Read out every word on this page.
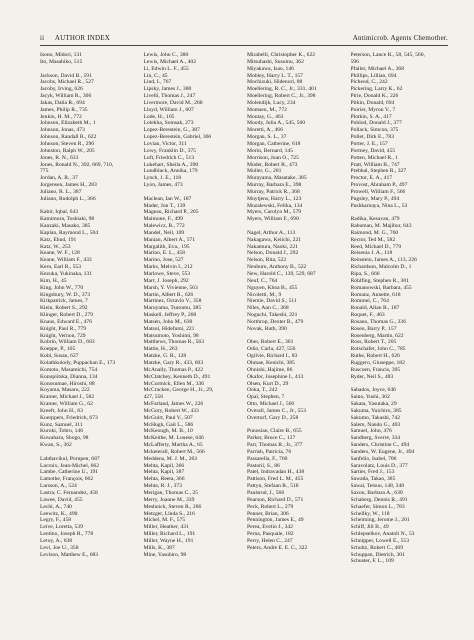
ii AUTHOR INDEX	Antimicrob. Agents Chemother.
Isono, Midori, 131
Ito, Masahiko, 515
Jackson, David B., 591
Jacobs, Michael R., 527
Jacoby, Irving, 626
Jacyk, William R., 306
Jakas, Dalia R., 694
James, Philip R., 735
Jenkin, H. M., 772
Johnson, Elizabeth M., 1
Johnson, Jonas, 473
Johnson, Randall R., 622
Johnson, Steven R., 296
Johnston, Ralph W., 205
Jones, R. N., 633
Jones, Ronald N., 392, 669, 710,
775
Jordan, A. R., 37
Jorgensen, James H., 283
Juliano, R. L., 387
Juliano, Rudolph L., 366
Kabir, Iqbal, 643
Kamimura, Toshiaki, 98
Kanzaki, Masako, 385
Kaplan, Raymond L., 504
Katz, Ehud, 191
Katz, W., 253
Keane, W. F., 128
Keane, William F., 433
Kern, Earl R., 553
Kezuka, Yukinaka, 131
Kim, H., 45
King, John W., 770
Kingsbury, W. D., 373
Kirkpatrick, James, 7
Klein, Robert S., 292
Klinger, Robert D., 279
Knaus, Edward E., 476
Knight, Paul R., 779
Knight, Vernon, 729
Kobrin, William D., 683
Koeppe, P., 105
Kohl, Susan, 627
Kolathkulody, Puppachan E., 173
Komoto, Masamichi, 754
Konopiitska, Dianna, 134
Konosumae, Hiroshi, 88
Koyama, Masaru, 222
Kramer, Michael J., 582
Kramer, William G., 62
Kreeft, John H., 83
Koerppers, Friedrich, 673
Kunz, Samuel, 311
Kuroki, Tohru, 146
Kuwahara, Shogo, 98
Kwan, S., 362
Labthavikul, Pornpen, 687
Lacroix, Jean-Michel, 662
Lambe, Catherine U., 191
Lamothe, François, 662
Larsson, A., 524
Lastra, C. Fernandez, 458
Lawee, David, 455
Lechi, A., 740
Leewitz, K., 490
Legry, F., 458
Leive, Loretta, 539
Lentino, Joseph R., 778
Leroy, A., 638
Levi, Joe U., 358
Levison, Matthew E., 683
Lewis, John C., 380
Lewis, Michael A., 402
Li, Edwin L. F., 455
Lin, C., 45
Lind, I., 767
Lipsky, James J., 380
Livelli, Thomas J., 247
Livermore, David M., 268
Lloyd, William J., 607
Lode, H., 105
Lolekha, Somsak, 273
Lopez-Berestein, G., 387
Lopez-Berestein, Gabriel, 366
Lovian, Victor, 311
Lowy, Franklin D., 375
Luft, Friedrich C., 513
Lukehart, Sheila A., 390
Lundblack, Annika, 179
Lynch, J. E., 118
Lyon, James, 473
Maclean, Ian W., 187
Mader, Jon T., 139
Mageau, Richard P., 205
Maimone, F., 499
Malewicz, B., 772
Mandel, Neil, 109
Manian, Albert A., 571
Margalith, Eva., 195
Marino, E. L., 458
Marino, Jose, 527
Marks, Melvin I., 212
Marlowe, Steve, 553
Marr, J. Joseph, 292
Marsh, Y. Vivienne, 563
Martin, Albert R., 626
Martinez, Octavio V., 358
Maruyama, Tsutomu, 385
Maskell, Jeffrey P., 268
Matsen, John M., 630
Matsui, Hidefumi, 221
Matsumoto, Yoshimi, 98
Matthews, Thomas R., 563
Mattie, H., 263
Matzke, G. R., 128
Matzke, Gary R., 433, 603
McAnally, Thomas P., 422
McClatchey, Kenneth D., 491
McCormick, Ellen M., 336
McCracken, George H., Jr., 29,
427, 556
McFarland, James W., 226
McGory, Robert W., 433
McGuirt, Paul V., 507
McHugh, Gail L., 586
McKeough, M. B., 10
McKeithe, M. Louese, 646
McLafferty, Martha A., 65
Mcketerall, Robert M., 566
Meddens, M. J. M., 263
Mehta, Kapil, 366
Mehta, Kapil, 387
Mehta, Reeta, 366
Mehta, R. J., 373
Merigan, Thomas C., 25
Merry, Joanne M., 339
Meshnick, Steven R., 286
Metzger, Linda S., 216
Michel, M. F., 575
Miller, Heather, 431
Miller, Richard L., 191
Miller, Wayne H., 191
Mills, K., 387
Mine, Yasuhiro, 98
Mirabelli, Christopher K., 622
Mitsuhashi, Susumu, 362
Miyakawa, Isao, 146
Mobley, Harry L. T., 157
Mochizuki, Hidenori, 88
Moellering, R. C., Jr., 331, 401
Moellering, Robert C., Jr., 398
Molendijk, Lucy, 234
Momsen, M., 772
Montay, G., 463
Moody, Julia A., 545, 560
Moretti, A., 466
Morgan, S. L., 37
Morgan, Catherine, 618
Morin, Bernard, 145
Morrison, Joan O., 725
Muder, Robert R., 473
Muller, G., 281
Murayama, Masatake, 385
Murray, Barbara E., 398
Murray, Patrick R., 368
Muytjens, Harry L., 123
Muzalewski, Felika, 134
Myers, Carolyn M., 579
Myers, William F., 690
Nagel, Arthur A., 113
Nakagawa, Keiichi, 221
Nakamura, Naoki, 221
Nelson, Donald J., 292
Nelson, Rita, 522
Neuburn, Anthony B., 522
New, Harold C., 139, 529, 687
Neuf, C., 764
Nguyen, Khoa B., 455
Nicoletti, M., 9
Niemie, David S., 511
Niles, Ann C., 368
Noguchi, Takeshi, 221
Northrop, Dexter B., 479
Novak, Ruth, 390
Ober, Robert E., 301
Odio, Carla, 427, 556
Ogilvie, Richard I., 83
Ohmae, Kenichi, 385
Ohnishi, Hajime, 86
Okafor, Josephine I., 413
Olsen, Kurt D., 29
Ooka, T., 242
Opal, Stephen, 7
Otto, Michael J., 566
Overall, James C., Jr., 553
Overturf, Gary D., 258
Punosian, Claire B., 655
Parker, Bruce C., 137
Parr, Thomas R., Jr., 377
Parrish, Patricia, 76
Passarella, F., 760
Pastorii, S., 86
Patel, Indravadan H., 438
Pattison, Fred L. M., 455
Pattyn, Stefaan R., 518
Paulsrud, J., 566
Pearson, Richard D., 571
Peck, Robert L., 279
Penner, Brian, 306
Pennington, James E., 49
Perea, Evelio J., 342
Perna, Pasquale, 182
Perry, Helen C., 247
Peters, Andre E. E. C., 322
Peterson, Lance R., 58, 545, 560,
596
Pfaller, Michael A., 368
Phillips, Lillian, 694
Picheod, C., 242
Pickering, Larry K., 62
Pirie, Donald K., 226
Pitkin, Donald, 694
Poirier, Myron V., 7
Plotkin, S. A., 417
Pohlod, Donald J., 377
Pollack, Simcon, 375
Pollet, Dirk E., 783
Porter, J. E., 157
Portney, David, 455
Potten, Michael R., 1
Pratt, William B., 747
Prebhal, Stephen R., 327
Proctor, E. A., 417
Provost, Abraham P., 497
Prowell, William F., 566
Pugsley, Mary P., 494
Pushkarnaya, Nina L., 53
Radika, Kesavan, 479
Rahuman, M. Majibur, 643
Raimond, M. G., 760
Rector, Ted M., 582
Reed, Michael D., 779
Reisenia J. A., 118
Reinstein, James A., 113, 226
Richardson, Malcolm D., 1
Ripa, S., 666
Rohlfing, Stephen R., 301
Romanowski, Barbara, 455
Romanz, Annette, 618
Rommel, C., 764
Ronald, Allan R., 187
Roquet, F., 463
Rosano, Thomas G., 336
Rosen, Barry P., 157
Rosenberg, Martin, 622
Ross, Robert T., 205
Rotschafer, John C., 785
Ruthe, Robert H., 626
Ruggero, Giuseppe, 182
Ruscoen, Francis, 395
Ryder, Neil S., 483
Sabados, Joyce, 646
Saino, Yushi, 362
Sakata, Yasutaka, 29
Sakuma, Yuichiro, 385
Sakumo, Takashi, 742
Salem, Nando G., 403
Samuel, John, 476
Sandberg, Sverre, 334
Sanders, Christine C., 494
Sanders, W. Eugene, Jr., 494
Sanfelio, Isabel, 706
Saravolatz, Louis D., 377
Sartier, Fred J., 153
Sawada, Takao, 385
Sawai, Tetsuo, 148, 348
Saxon, Barbara A., 630
Schaberg, Dennis R., 491
Schaefer, Simon L., 783
Schellky, W., 118
Scheiming, Jerome J., 201
Schiff, Jill B., 49
Schlepselkov, Anatoli N., 53
Schnipper, Lowell E., 553
Schultz, Robert C., 469
Schuppan, Dietrich, 301
Schuster, F. L., 109
